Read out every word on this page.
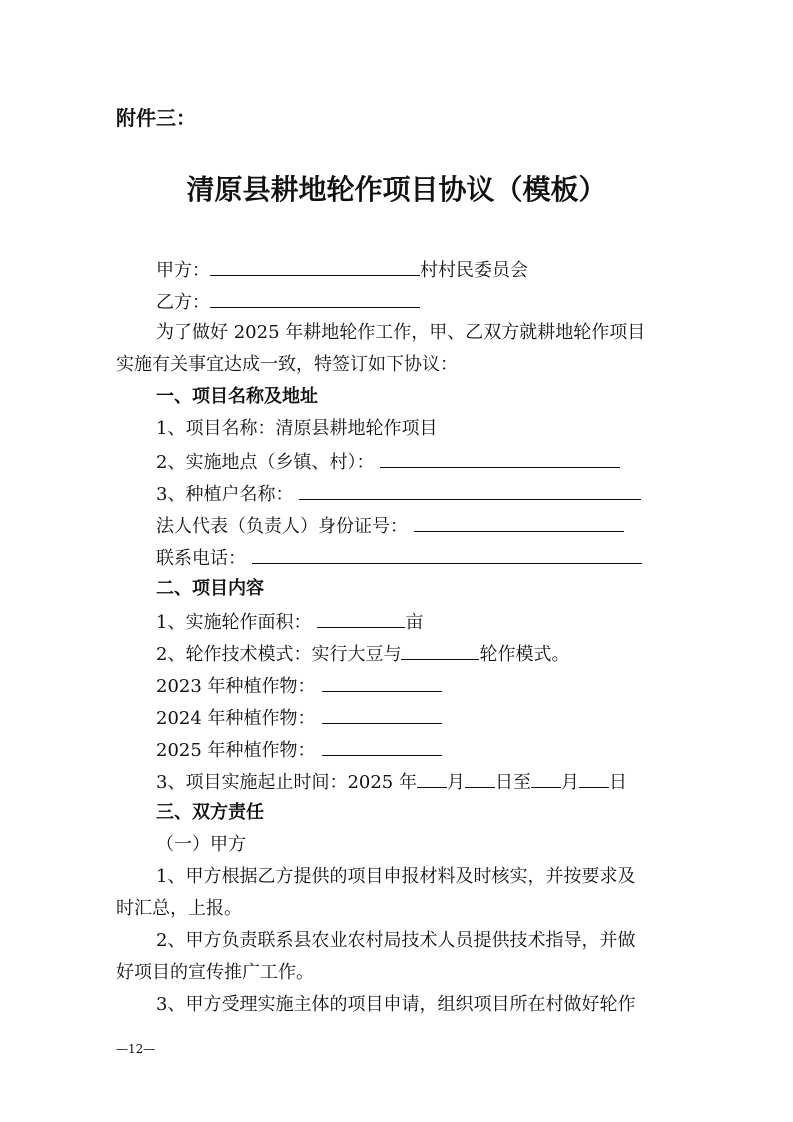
附件三：
清原县耕地轮作项目协议（模板）
甲方：	村村民委员会
乙方：
为了做好 2025 年耕地轮作工作，甲、乙双方就耕地轮作项目
实施有关事宜达成一致，特签订如下协议：
一、项目名称及地址
1、项目名称：清原县耕地轮作项目
2、实施地点（乡镇、村）：
3、种植户名称：
法人代表（负责人）身份证号：
联系电话：
二、项目内容
1、实施轮作面积：	亩
2、轮作技术模式：实行大豆与	轮作模式。
2023 年种植作物：
2024 年种植作物：
2025 年种植作物：
3、项目实施起止时间：2025 年 月 日至 月 日
三、双方责任
（一）甲方
1、甲方根据乙方提供的项目申报材料及时核实，并按要求及
时汇总，上报。
2、甲方负责联系县农业农村局技术人员提供技术指导，并做
好项目的宣传推广工作。
3、甲方受理实施主体的项目申请，组织项目所在村做好轮作
—12—
